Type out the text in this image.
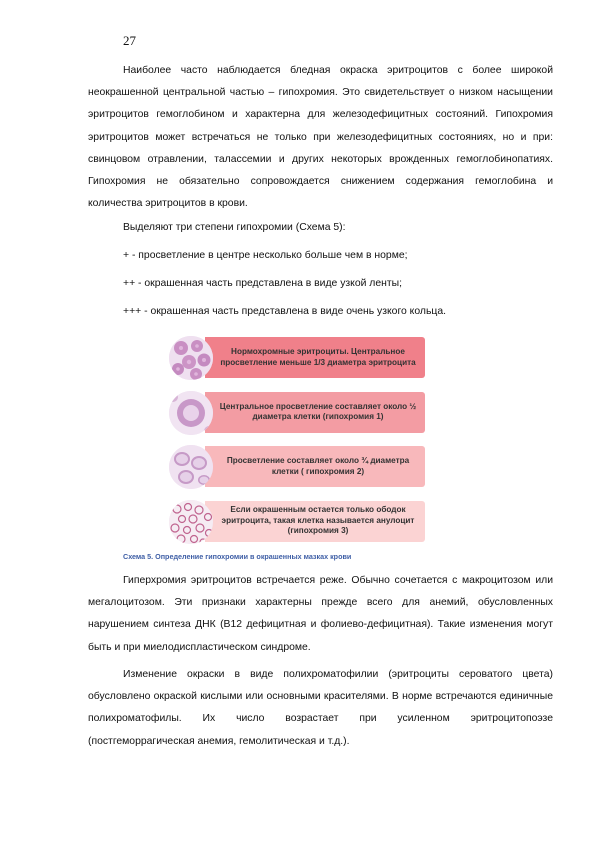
27

Наиболее часто наблюдается бледная окраска эритроцитов с более широкой неокрашенной центральной частью – гипохромия. Это свидетельствует о низком насыщении эритроцитов гемоглобином и характерна для железодефицитных состояний. Гипохромия эритроцитов может встречаться не только при железодефицитных состояниях, но и при: свинцовом отравлении, талассемии и других некоторых врожденных гемоглобинопатиях. Гипохромия не обязательно сопровождается снижением содержания гемоглобина и количества эритроцитов в крови.

Выделяют три степени гипохромии (Схема 5):
+ - просветление в центре несколько больше чем в норме;
++ - окрашенная часть представлена в виде узкой ленты;
+++ - окрашенная часть представлена в виде очень узкого кольца.
Нормохромные эритроциты. Центральное просветление меньше 1/3 диаметра эритроцита
Центральное просветление составляет около ½ диаметра клетки (гипохромия 1)
Просветление составляет около ¾ диаметра клетки ( гипохромия 2)
Если окрашенным остается только ободок эритроцита, такая клетка называется анулоцит (гипохромия 3)
Схема 5. Определение гипохромии в окрашенных мазках крови

Гиперхромия эритроцитов встречается реже. Обычно сочетается с макроцитозом или мегалоцитозом. Эти признаки характерны прежде всего для анемий, обусловленных нарушением синтеза ДНК (В12 дефицитная и фолиево-дефицитная). Такие изменения могут быть и при миелодиспластическом синдроме.

Изменение окраски в виде полихроматофилии (эритроциты сероватого цвета) обусловлено окраской кислыми или основными красителями. В норме встречаются единичные полихроматофилы. Их число возрастает при усиленном эритроцитопоэзе (постгеморрагическая анемия, гемолитическая и т.д.).
